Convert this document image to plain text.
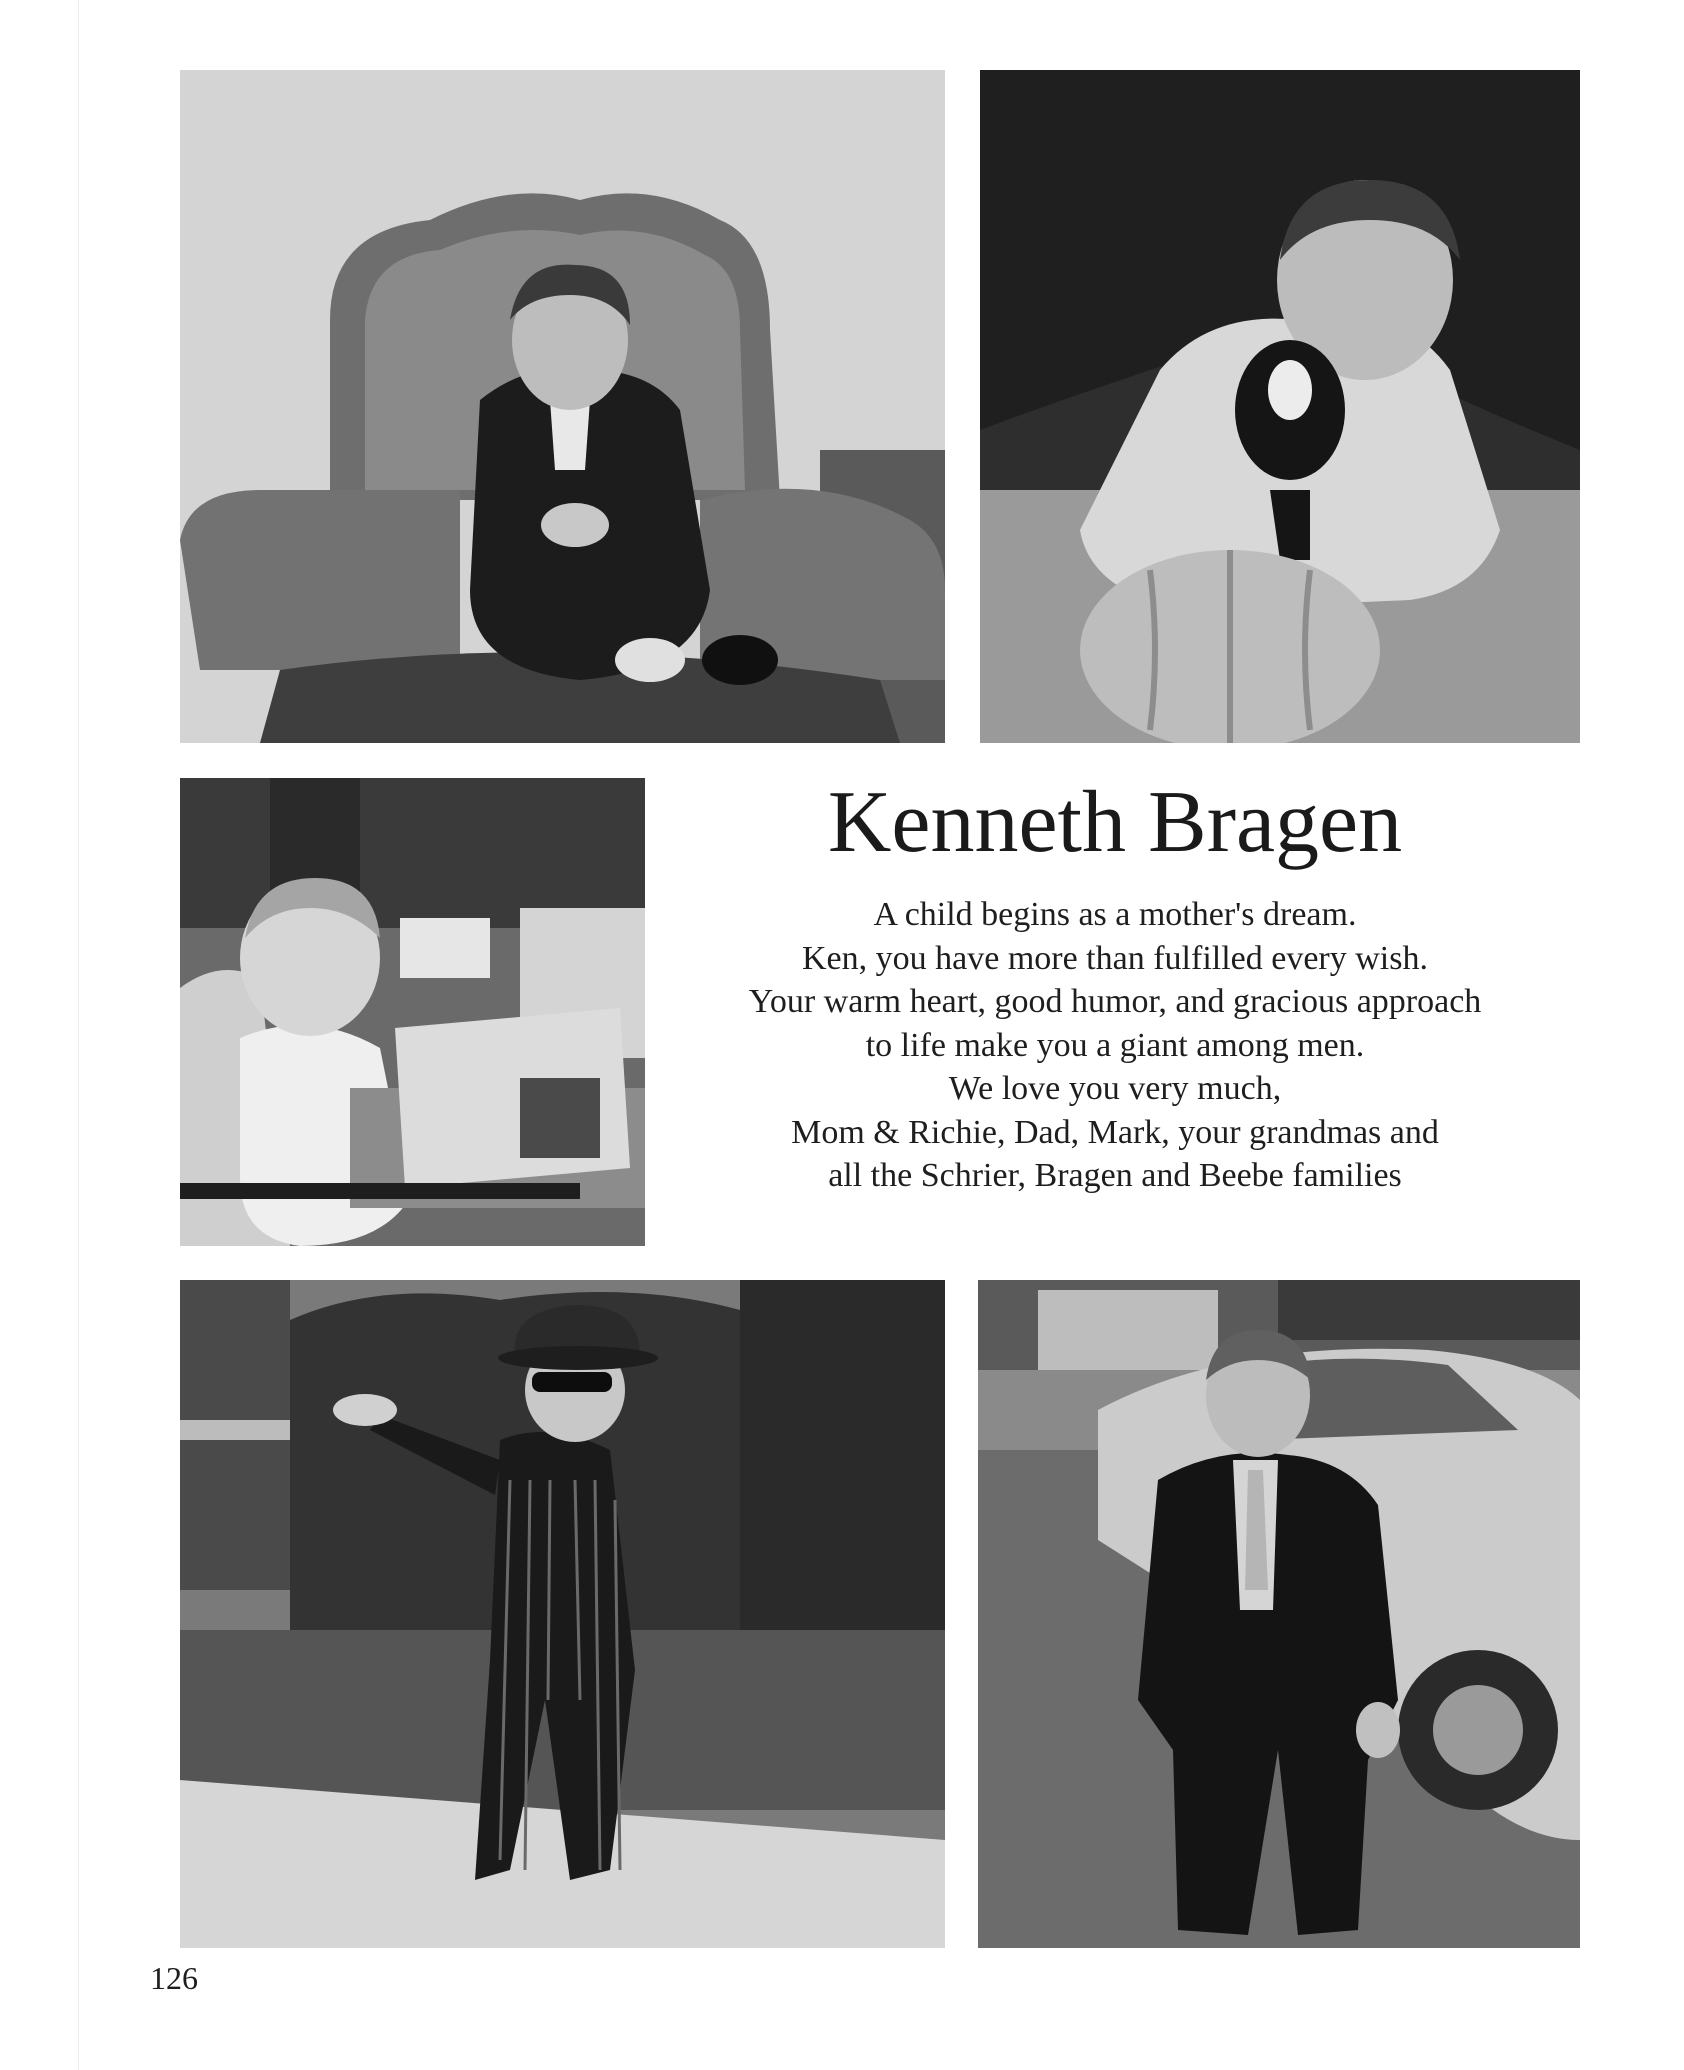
Kenneth Bragen
A child begins as a mother's dream.
Ken, you have more than fulfilled every wish.
Your warm heart, good humor, and gracious approach
to life make you a giant among men.
We love you very much,
Mom & Richie, Dad, Mark, your grandmas and
all the Schrier, Bragen and Beebe families
126
